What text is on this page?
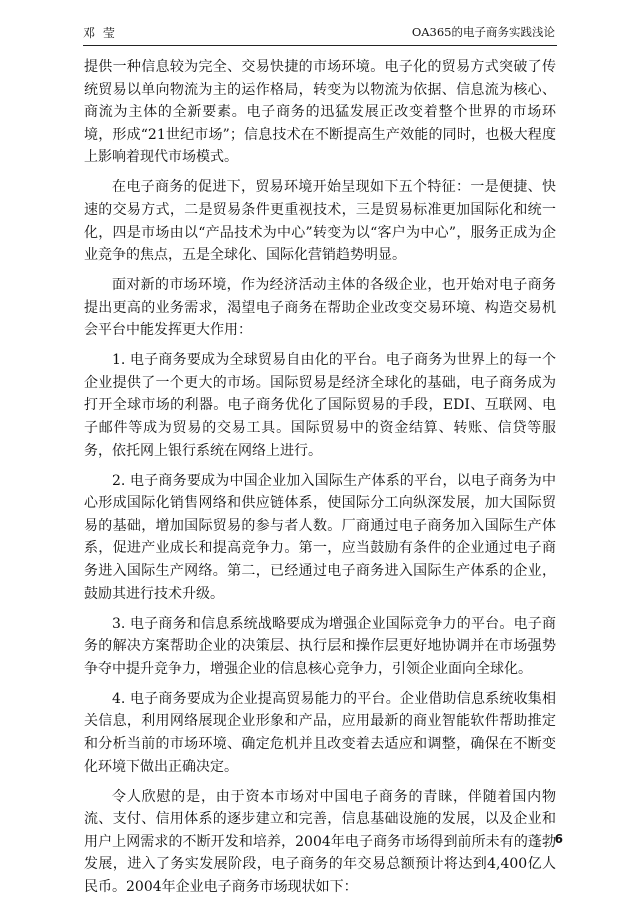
邓 莹	OA365的电子商务实践浅论

提供一种信息较为完全、交易快捷的市场环境。电子化的贸易方式突破了传统贸易以单向物流为主的运作格局，转变为以物流为依据、信息流为核心、商流为主体的全新要素。电子商务的迅猛发展正改变着整个世界的市场环境，形成“21世纪市场”；信息技术在不断提高生产效能的同时，也极大程度上影响着现代市场模式。

在电子商务的促进下，贸易环境开始呈现如下五个特征：一是便捷、快速的交易方式，二是贸易条件更重视技术，三是贸易标准更加国际化和统一化，四是市场由以“产品技术为中心”转变为以“客户为中心”，服务正成为企业竞争的焦点，五是全球化、国际化营销趋势明显。

面对新的市场环境，作为经济活动主体的各级企业，也开始对电子商务提出更高的业务需求，渴望电子商务在帮助企业改变交易环境、构造交易机会平台中能发挥更大作用：

1. 电子商务要成为全球贸易自由化的平台。电子商务为世界上的每一个企业提供了一个更大的市场。国际贸易是经济全球化的基础，电子商务成为打开全球市场的利器。电子商务优化了国际贸易的手段，EDI、互联网、电子邮件等成为贸易的交易工具。国际贸易中的资金结算、转账、信贷等服务，依托网上银行系统在网络上进行。

2. 电子商务要成为中国企业加入国际生产体系的平台，以电子商务为中心形成国际化销售网络和供应链体系，使国际分工向纵深发展，加大国际贸易的基础，增加国际贸易的参与者人数。厂商通过电子商务加入国际生产体系，促进产业成长和提高竞争力。第一，应当鼓励有条件的企业通过电子商务进入国际生产网络。第二，已经通过电子商务进入国际生产体系的企业，鼓励其进行技术升级。

3. 电子商务和信息系统战略要成为增强企业国际竞争力的平台。电子商务的解决方案帮助企业的决策层、执行层和操作层更好地协调并在市场强势争夺中提升竞争力，增强企业的信息核心竞争力，引领企业面向全球化。

4. 电子商务要成为企业提高贸易能力的平台。企业借助信息系统收集相关信息，利用网络展现企业形象和产品，应用最新的商业智能软件帮助推定和分析当前的市场环境、确定危机并且改变着去适应和调整，确保在不断变化环境下做出正确决定。

令人欣慰的是，由于资本市场对中国电子商务的青睐，伴随着国内物流、支付、信用体系的逐步建立和完善，信息基础设施的发展，以及企业和用户上网需求的不断开发和培养，2004年电子商务市场得到前所未有的蓬勃发展，进入了务实发展阶段，电子商务的年交易总额预计将达到4,400亿人民币。2004年企业电子商务市场现状如下：

6
